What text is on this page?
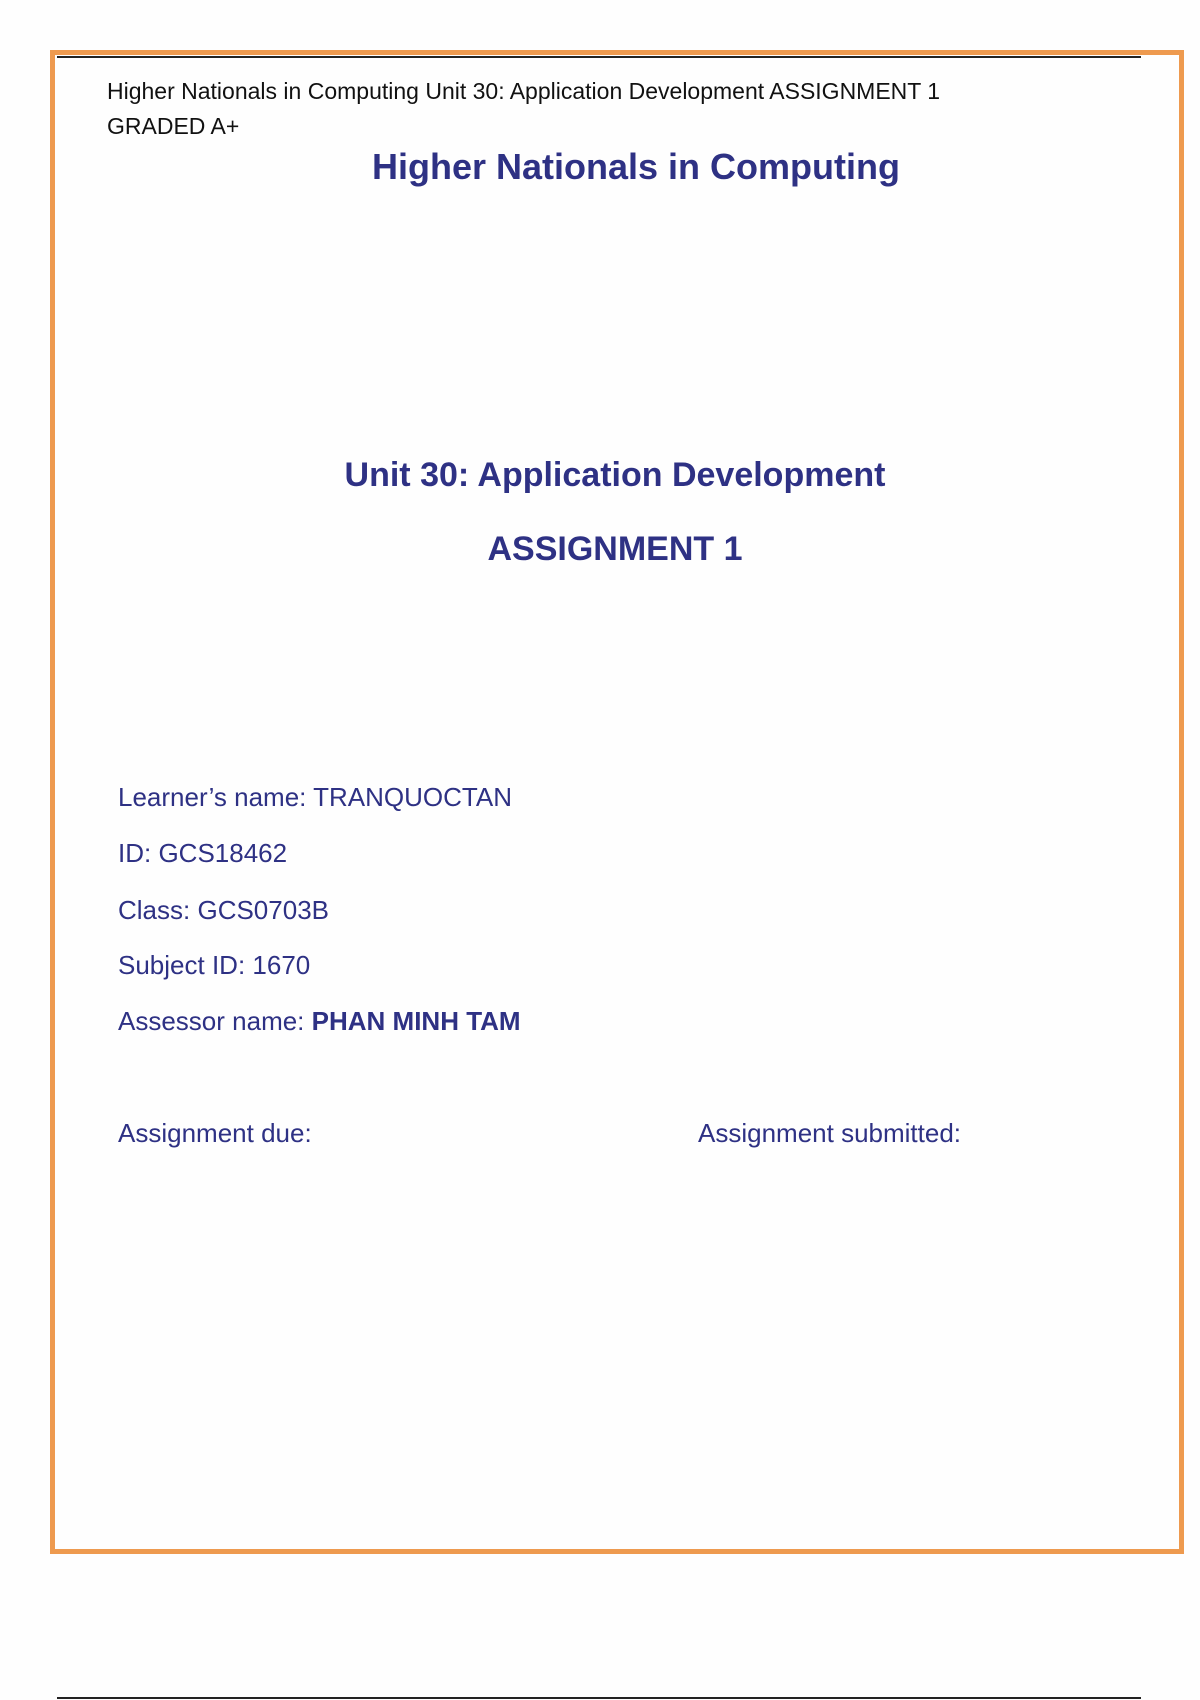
Higher Nationals in Computing Unit 30: Application Development ASSIGNMENT 1
GRADED A+
Higher Nationals in Computing
Unit 30: Application Development
ASSIGNMENT 1
Learner’s name: TRANQUOCTAN
ID: GCS18462
Class: GCS0703B
Subject ID: 1670
Assessor name: PHAN MINH TAM
Assignment due:	Assignment submitted:
